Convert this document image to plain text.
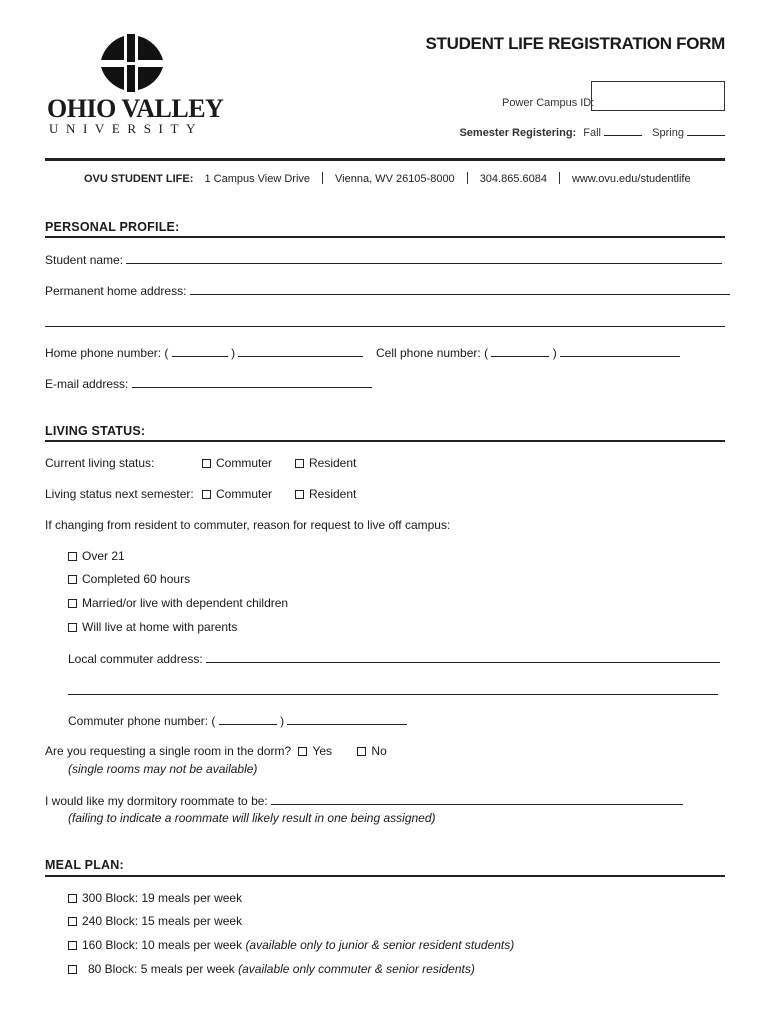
OHIO VALLEY
UNIVERSITY
STUDENT LIFE REGISTRATION FORM
Power Campus ID:
Semester Registering: Fall	Spring
OVU STUDENT LIFE: 1 Campus View Drive Vienna, WV 26105-8000 304.865.6084 www.ovu.edu/studentlife
PERSONAL PROFILE:
Student name:
Permanent home address:
Home phone number: (	)	Cell phone number: (	)
E-mail address:
LIVING STATUS:
Current living status:	Commuter	Resident
Living status next semester:	Commuter	Resident
If changing from resident to commuter, reason for request to live off campus:
Over 21
Completed 60 hours
Married/or live with dependent children
Will live at home with parents
Local commuter address:
Commuter phone number: (	)
Are you requesting a single room in the dorm? Yes	No
(single rooms may not be available)
I would like my dormitory roommate to be:
(failing to indicate a roommate will likely result in one being assigned)
MEAL PLAN:
300 Block: 19 meals per week
240 Block: 15 meals per week
160 Block: 10 meals per week (available only to junior & senior resident students)
80 Block: 5 meals per week (available only commuter & senior residents)
